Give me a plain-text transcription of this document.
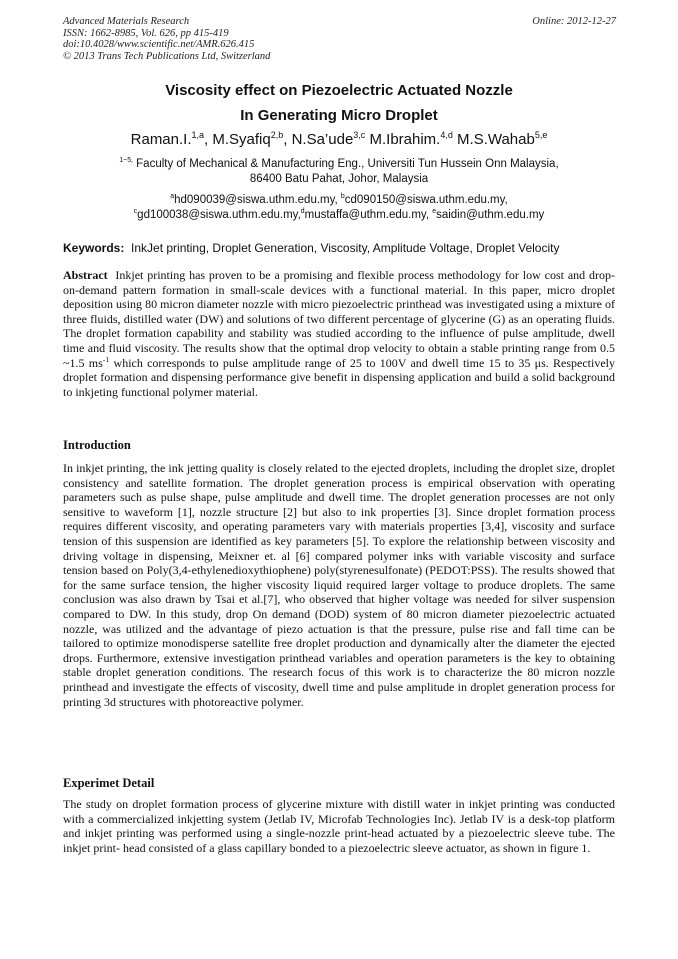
Advanced Materials Research
ISSN: 1662-8985, Vol. 626, pp 415-419
doi:10.4028/www.scientific.net/AMR.626.415
© 2013 Trans Tech Publications Ltd, Switzerland
Online: 2012-12-27
Viscosity effect on Piezoelectric Actuated Nozzle
In Generating Micro Droplet
Raman.I.$^{1,a}$, M.Syafiq$^{2,b}$, N.Sa’ude$^{3,c}$ M.Ibrahim.$^{4,d}$ M.S.Wahab$^{5,e}$
$^{1\sim 5,}$ Faculty of Mechanical & Manufacturing Eng., Universiti Tun Hussein Onn Malaysia,
86400 Batu Pahat, Johor, Malaysia
$^a$hd090039@siswa.uthm.edu.my, $^b$cd090150@siswa.uthm.edu.my,
$^c$gd100038@siswa.uthm.edu.my,$^d$mustaffa@uthm.edu.my, $^e$saidin@uthm.edu.my
Keywords: InkJet printing, Droplet Generation, Viscosity, Amplitude Voltage, Droplet Velocity
Abstract Inkjet printing has proven to be a promising and flexible process methodology for low cost and drop-on-demand pattern formation in small-scale devices with a functional material. In this paper, micro droplet deposition using 80 micron diameter nozzle with micro piezoelectric printhead was investigated using a mixture of three fluids, distilled water (DW) and solutions of two different percentage of glycerine (G) as an operating fluids. The droplet formation capability and stability was studied according to the influence of pulse amplitude, dwell time and fluid viscosity. The results show that the optimal drop velocity to obtain a stable printing range from 0.5 ~1.5 $ms^{-1}$ which corresponds to pulse amplitude range of 25 to 100V and dwell time 15 to 35 μs. Respectively droplet formation and dispensing performance give benefit in dispensing application and build a solid background to inkjeting functional polymer material.
Introduction
In inkjet printing, the ink jetting quality is closely related to the ejected droplets, including the droplet size, droplet consistency and satellite formation. The droplet generation process is empirical observation with operating parameters such as pulse shape, pulse amplitude and dwell time. The droplet generation processes are not only sensitive to waveform [1], nozzle structure [2] but also to ink properties [3]. Since droplet formation process requires different viscosity, and operating parameters vary with materials properties [3,4], viscosity and surface tension of this suspension are identified as key parameters [5]. To explore the relationship between viscosity and driving voltage in dispensing, Meixner et. al [6] compared polymer inks with variable viscosity and surface tension based on Poly(3,4-ethylenedioxythiophene) poly(styrenesulfonate) (PEDOT:PSS). The results showed that for the same surface tension, the higher viscosity liquid required larger voltage to produce droplets. The same conclusion was also drawn by Tsai et al.[7], who observed that higher voltage was needed for silver suspension compared to DW. In this study, drop On demand (DOD) system of 80 micron diameter piezoelectric actuated nozzle, was utilized and the advantage of piezo actuation is that the pressure, pulse rise and fall time can be tailored to optimize monodisperse satellite free droplet production and dynamically alter the diameter the ejected drops. Furthermore, extensive investigation printhead variables and operation parameters is the key to obtaining stable droplet generation conditions. The research focus of this work is to characterize the 80 micron nozzle printhead and investigate the effects of viscosity, dwell time and pulse amplitude in droplet generation process for printing 3d structures with photoreactive polymer.
Experimet Detail
The study on droplet formation process of glycerine mixture with distill water in inkjet printing was conducted with a commercialized inkjetting system (Jetlab IV, Microfab Technologies Inc). Jetlab IV is a desk-top platform and inkjet printing was performed using a single-nozzle print-head actuated by a piezoelectric sleeve tube. The inkjet print- head consisted of a glass capillary bonded to a piezoelectric sleeve actuator, as shown in figure 1.
